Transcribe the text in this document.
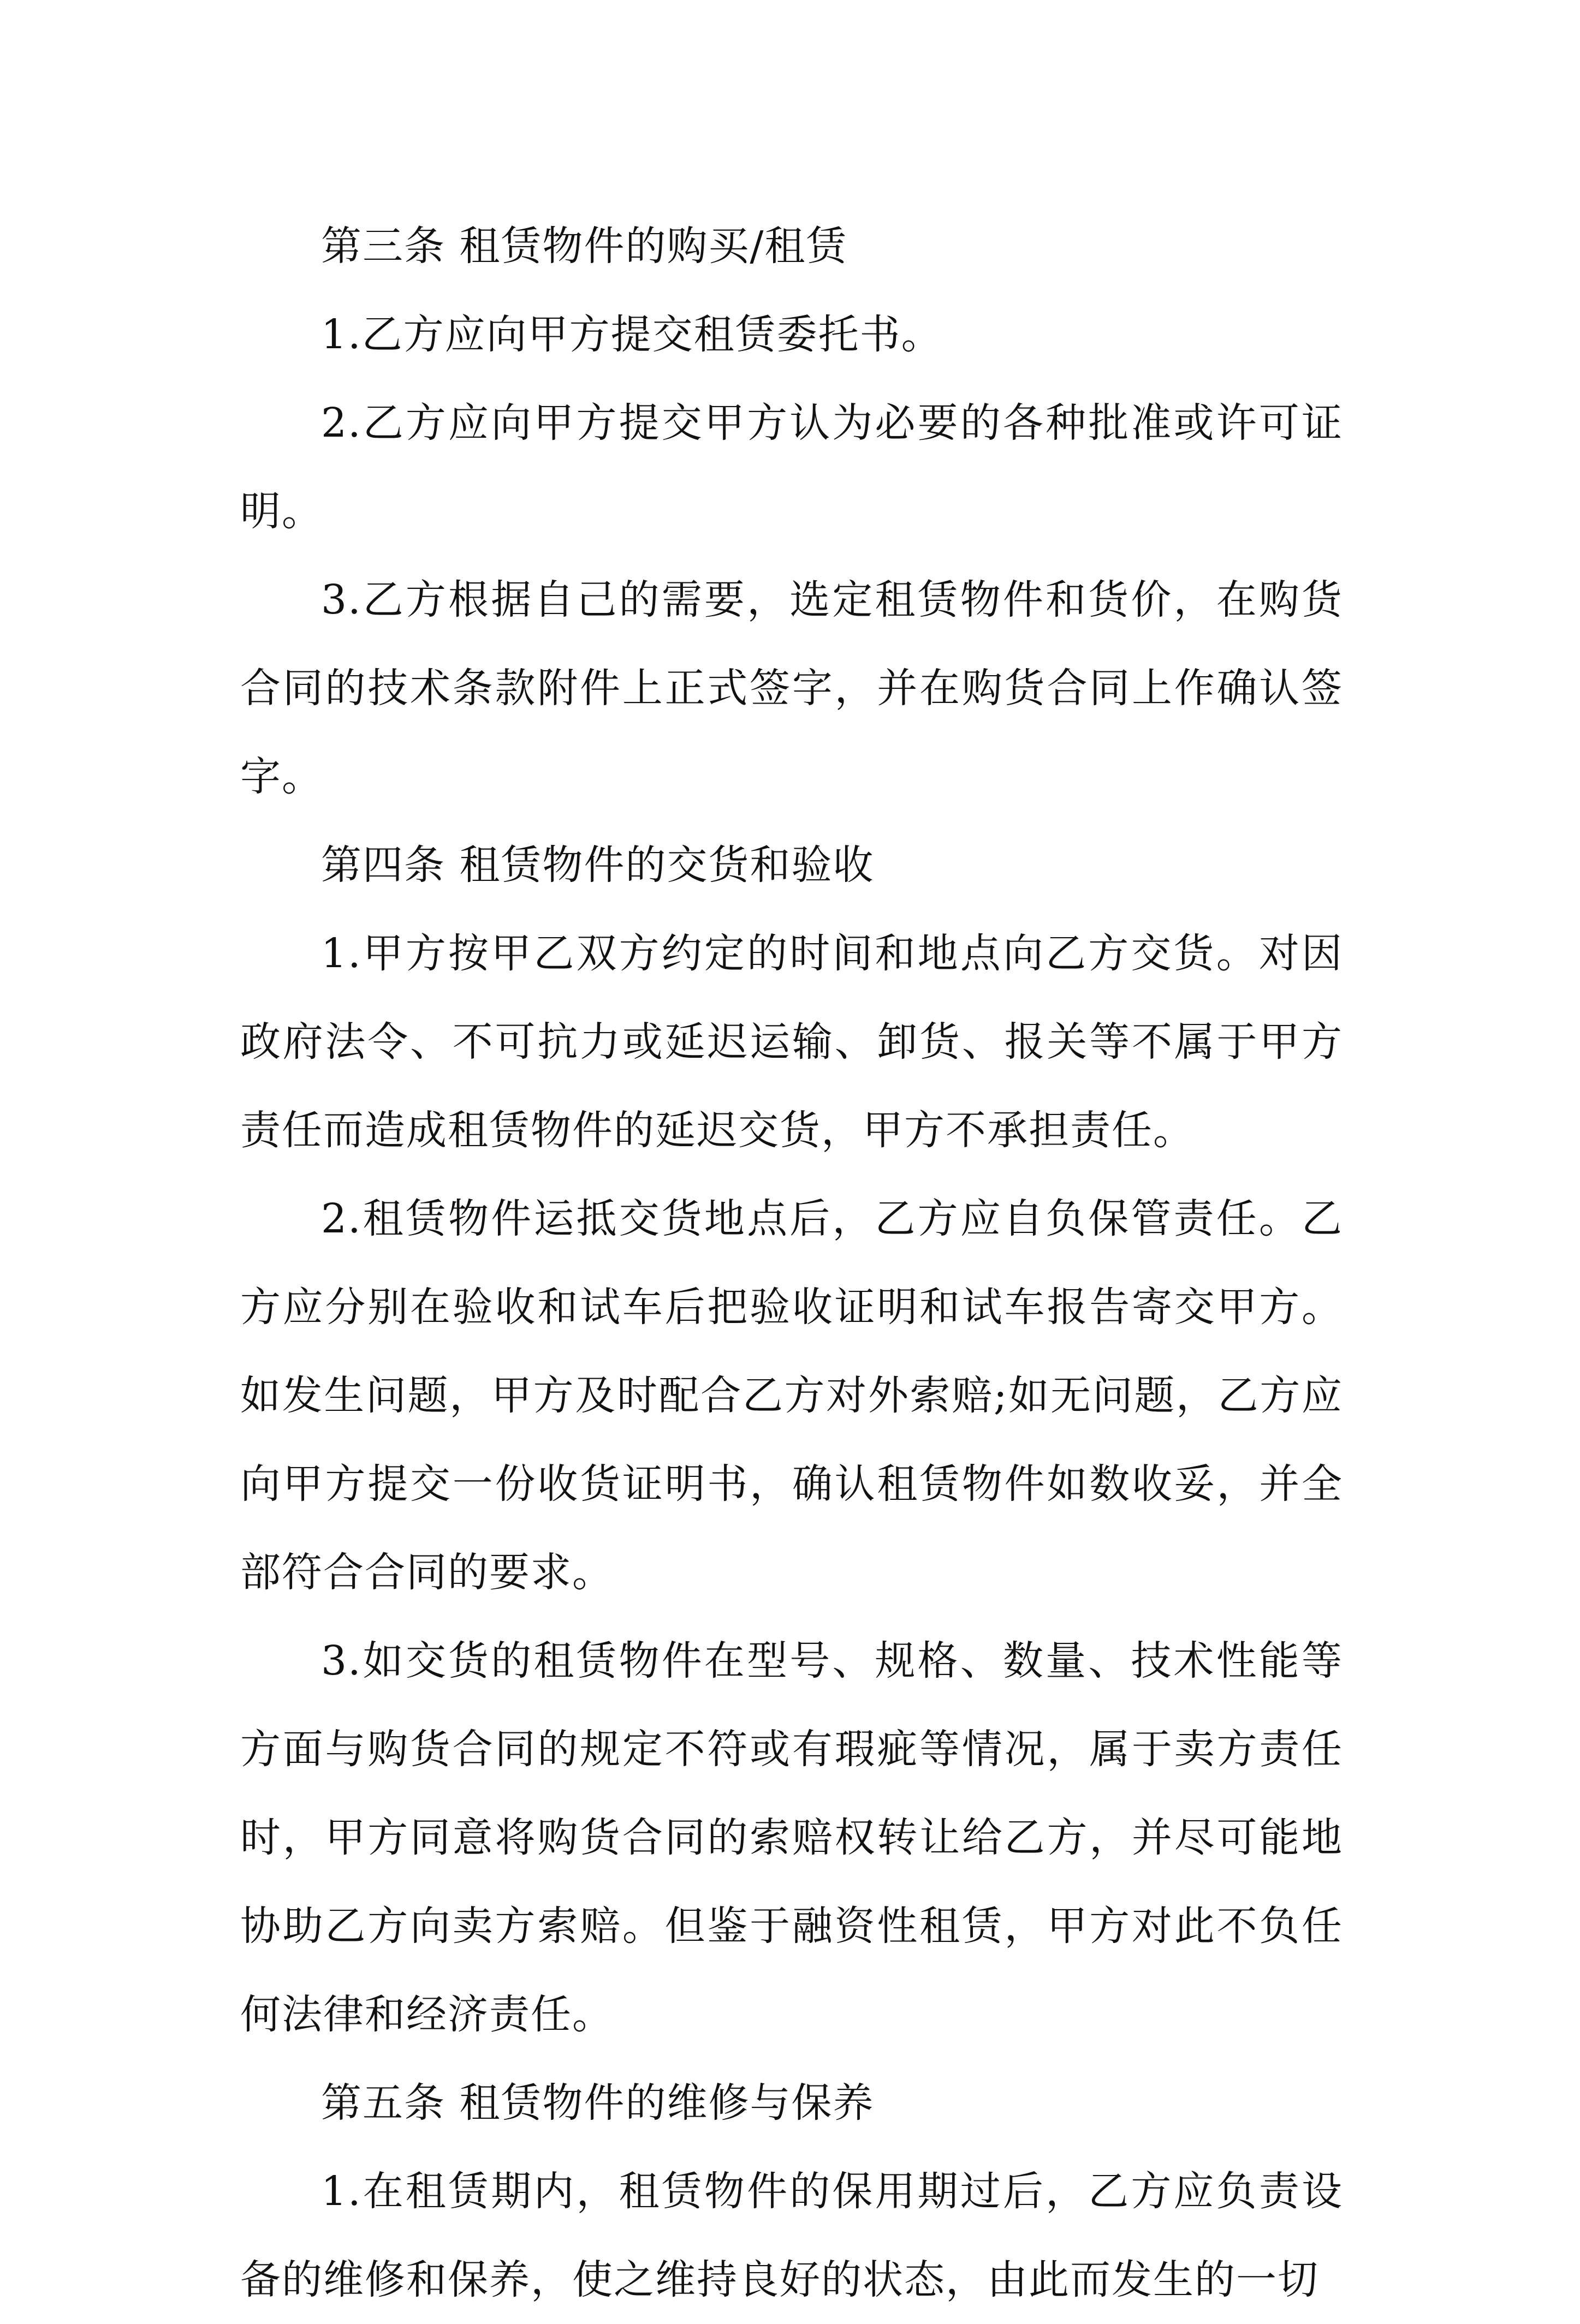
第三条 租赁物件的购买/租赁

1.乙方应向甲方提交租赁委托书。

2.乙方应向甲方提交甲方认为必要的各种批准或许可证明。

3.乙方根据自己的需要，选定租赁物件和货价，在购货合同的技术条款附件上正式签字，并在购货合同上作确认签字。

第四条 租赁物件的交货和验收

1.甲方按甲乙双方约定的时间和地点向乙方交货。对因政府法令、不可抗力或延迟运输、卸货、报关等不属于甲方责任而造成租赁物件的延迟交货，甲方不承担责任。

2.租赁物件运抵交货地点后，乙方应自负保管责任。乙方应分别在验收和试车后把验收证明和试车报告寄交甲方。如发生问题，甲方及时配合乙方对外索赔;如无问题，乙方应向甲方提交一份收货证明书，确认租赁物件如数收妥，并全部符合合同的要求。

3.如交货的租赁物件在型号、规格、数量、技术性能等方面与购货合同的规定不符或有瑕疵等情况，属于卖方责任时，甲方同意将购货合同的索赔权转让给乙方，并尽可能地协助乙方向卖方索赔。但鉴于融资性租赁，甲方对此不负任何法律和经济责任。

第五条 租赁物件的维修与保养

1.在租赁期内，租赁物件的保用期过后，乙方应负责设备的维修和保养，使之维持良好的状态，由此而发生的一切
